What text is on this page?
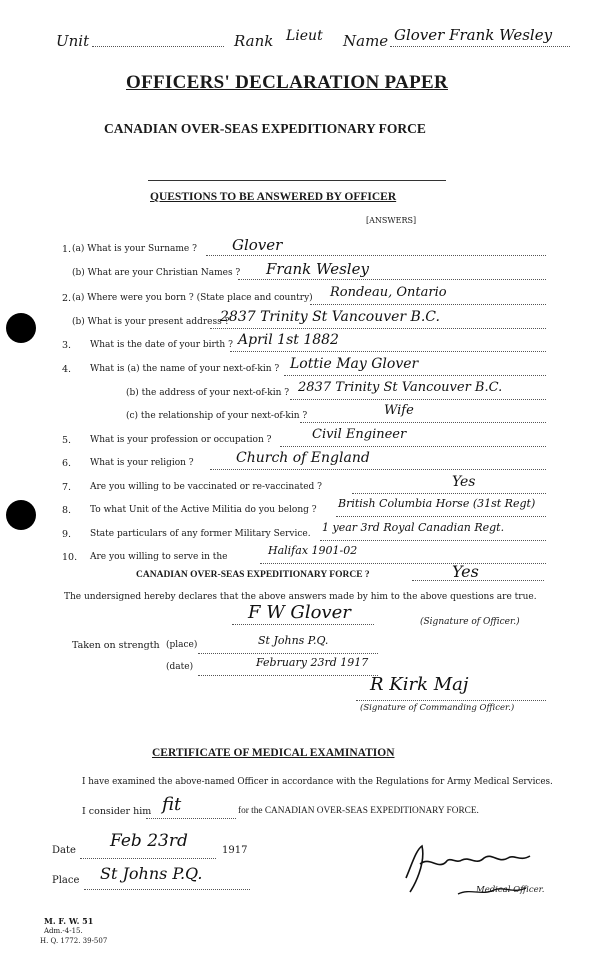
Unit	Rank Lieut Name Glover Frank Wesley
OFFICERS' DECLARATION PAPER
CANADIAN OVER-SEAS EXPEDITIONARY FORCE
QUESTIONS TO BE ANSWERED BY OFFICER
[ANSWERS]
1. (a) What is your Surname ? Glover
(b) What are your Christian Names ? Frank Wesley
2. (a) Where were you born ? (State place and country) Rondeau, Ontario
(b) What is your present address ?
2837 Trinity St Vancouver B.C.
3. What is the date of your birth ? April 1st 1882
4. What is (a) the name of your next-of-kin ? Lottie May Glover
(b) the address of your next-of-kin ? 2837 Trinity St Vancouver B.C.
(c) the relationship of your next-of-kin ?	Wife
5. What is your profession or occupation ?	Civil Engineer
6. What is your religion ?	Church of England
7. Are you willing to be vaccinated or re-vaccinated ?	Yes
8. To what Unit of the Active Militia do you belong ? British Columbia Horse (31st Regt)
9. State particulars of any former Military Service. 1 year 3rd Royal Canadian Regt.
10. Are you willing to serve in the	Halifax 1901-02
CANADIAN OVER-SEAS EXPEDITIONARY FORCE ?	Yes
The undersigned hereby declares that the above answers made by him to the above questions are true.
F W Glover	(Signature of Officer.)
Taken on strength (place)	St Johns P.Q.
(date)	February 23rd 1917
R Kirk Maj
(Signature of Commanding Officer.)
CERTIFICATE OF MEDICAL EXAMINATION
I have examined the above-named Officer in accordance with the Regulations for Army Medical Services.
I consider him fit	for the CANADIAN OVER-SEAS EXPEDITIONARY FORCE.
Date Feb 23rd	1917
Place St Johns P.Q.
Medical Officer.
M. F. W. 51
Adm.-4-15.
H. Q. 1772. 39-507
